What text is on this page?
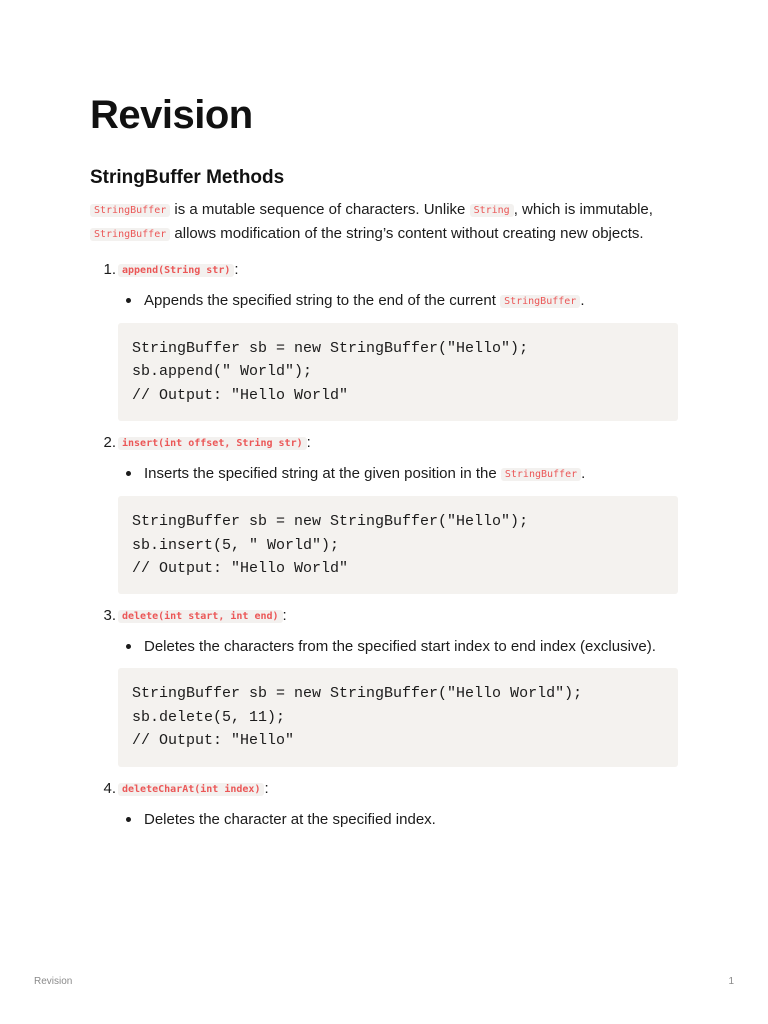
Revision
StringBuffer Methods

StringBuffer is a mutable sequence of characters. Unlike String , which is immutable, StringBuffer allows modification of the string’s content without creating new objects.

1. append(String str) :
Appends the specified string to the end of the current StringBuffer .
StringBuffer sb = new StringBuffer("Hello");
sb.append(" World");
// Output: "Hello World"
2. insert(int offset, String str) :
Inserts the specified string at the given position in the StringBuffer .
StringBuffer sb = new StringBuffer("Hello");
sb.insert(5, " World");
// Output: "Hello World"
3. delete(int start, int end) :
Deletes the characters from the specified start index to end index (exclusive).
StringBuffer sb = new StringBuffer("Hello World");
sb.delete(5, 11);
// Output: "Hello"
4. deleteCharAt(int index) :
Deletes the character at the specified index.
Revision	1
